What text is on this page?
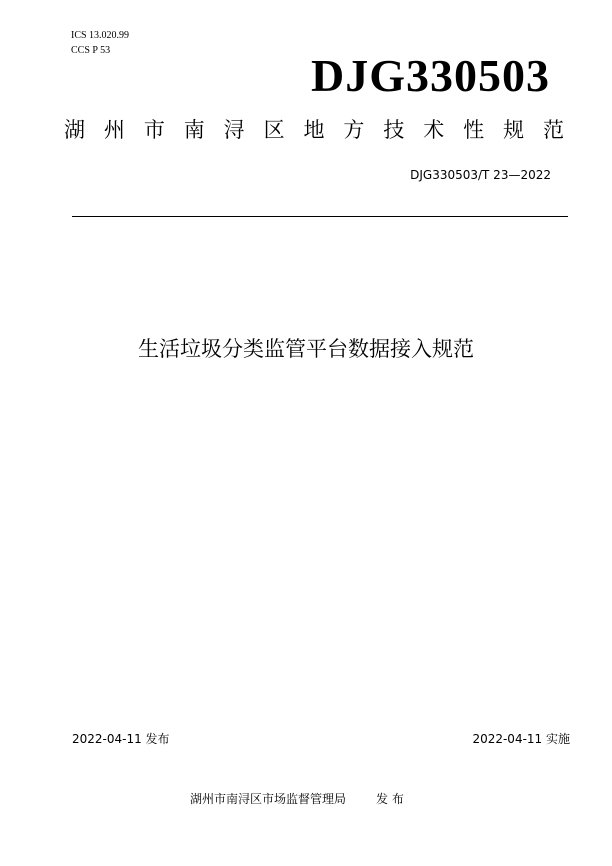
ICS 13.020.99
CCS P 53	DJG330503
湖州市南浔区地方技术性规范
DJG330503/T 23—2022
生活垃圾分类监管平台数据接入规范
2022-04-11 发布	2022-04-11 实施
湖州市南浔区市场监督管理局	发 布
